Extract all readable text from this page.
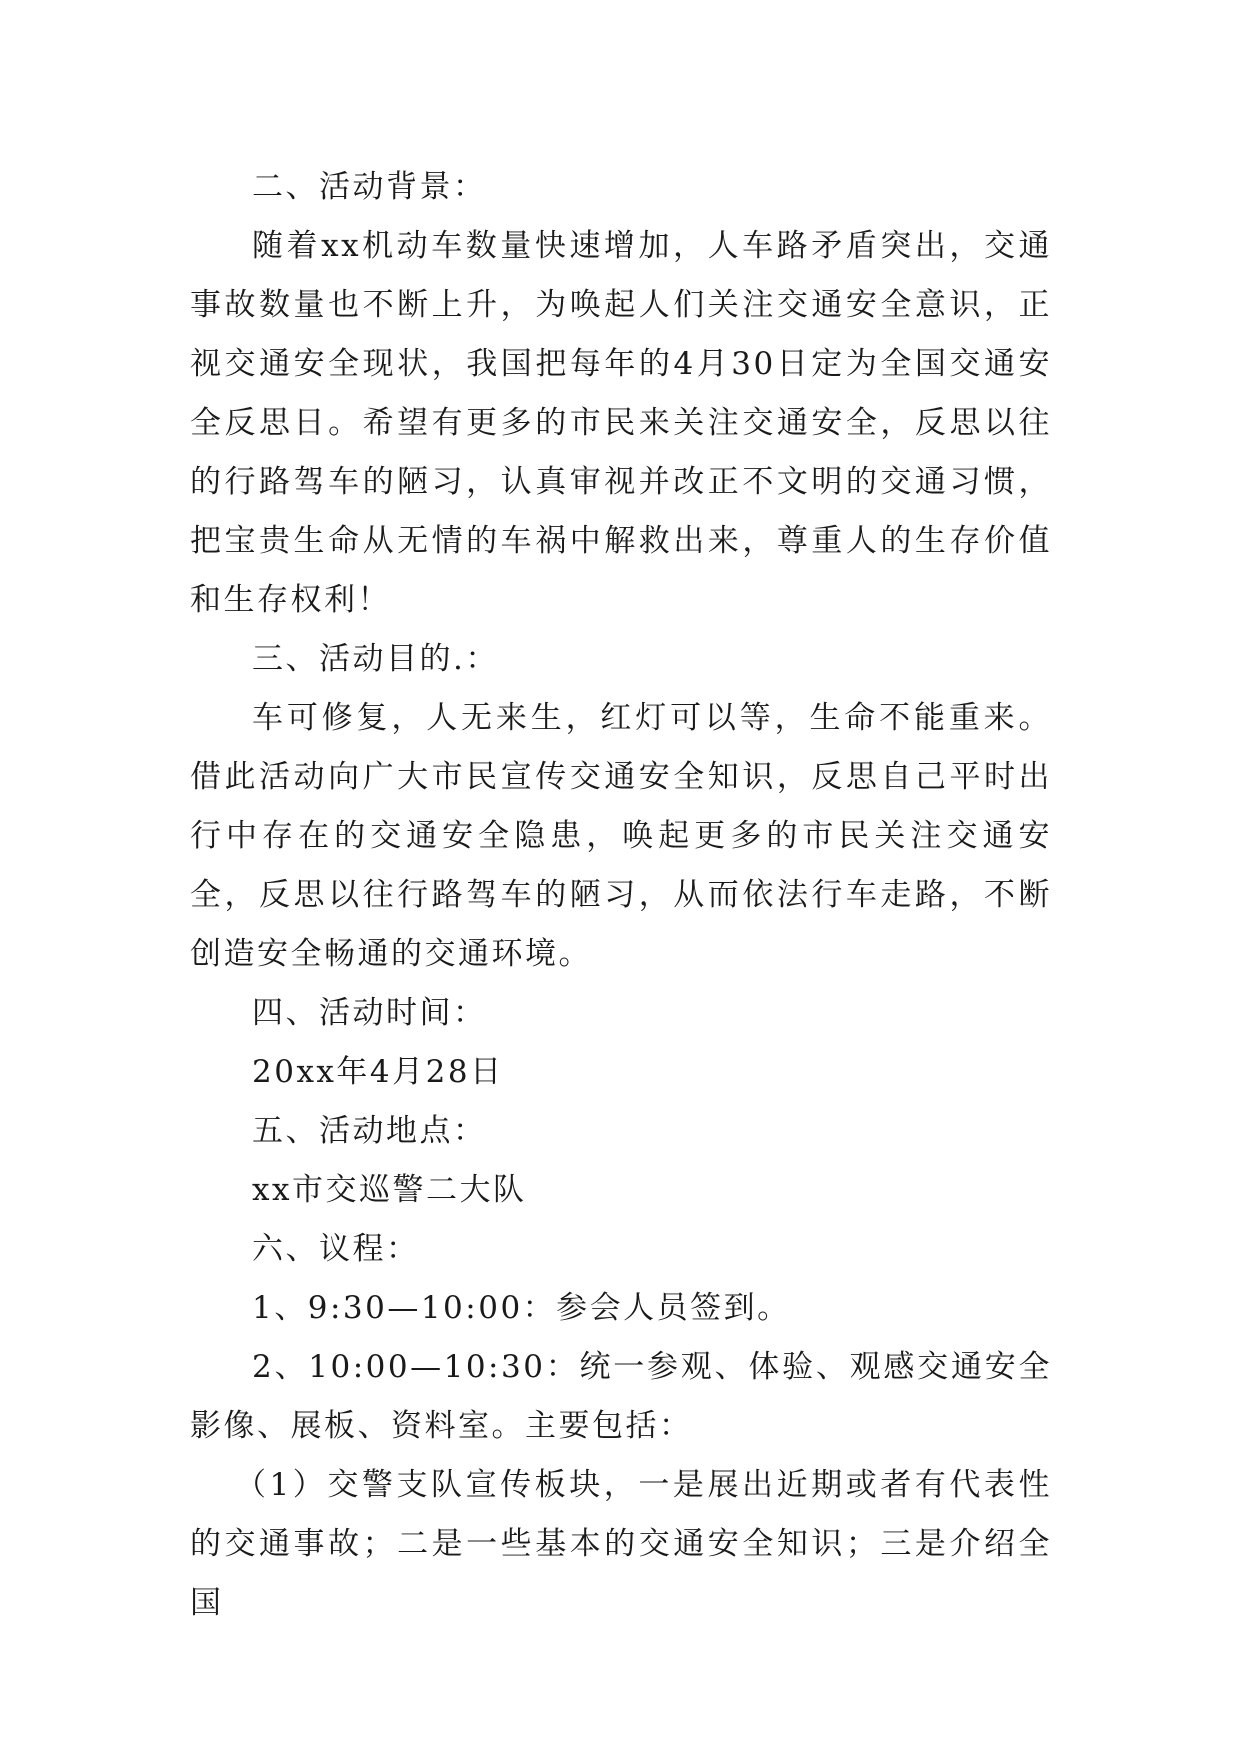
二、活动背景：

随着xx机动车数量快速增加，人车路矛盾突出，交通事故数量也不断上升，为唤起人们关注交通安全意识，正视交通安全现状，我国把每年的4月30日定为全国交通安全反思日。希望有更多的市民来关注交通安全，反思以往的行路驾车的陋习，认真审视并改正不文明的交通习惯，把宝贵生命从无情的车祸中解救出来，尊重人的生存价值和生存权利！

三、活动目的.：

车可修复，人无来生，红灯可以等，生命不能重来。借此活动向广大市民宣传交通安全知识，反思自己平时出行中存在的交通安全隐患，唤起更多的市民关注交通安全，反思以往行路驾车的陋习，从而依法行车走路，不断创造安全畅通的交通环境。

四、活动时间：

20xx年4月28日

五、活动地点：

xx市交巡警二大队

六、议程：

1、9:30—10:00：参会人员签到。

2、10:00—10:30：统一参观、体验、观感交通安全影像、展板、资料室。主要包括：

（1）交警支队宣传板块，一是展出近期或者有代表性的交通事故；二是一些基本的交通安全知识；三是介绍全国
